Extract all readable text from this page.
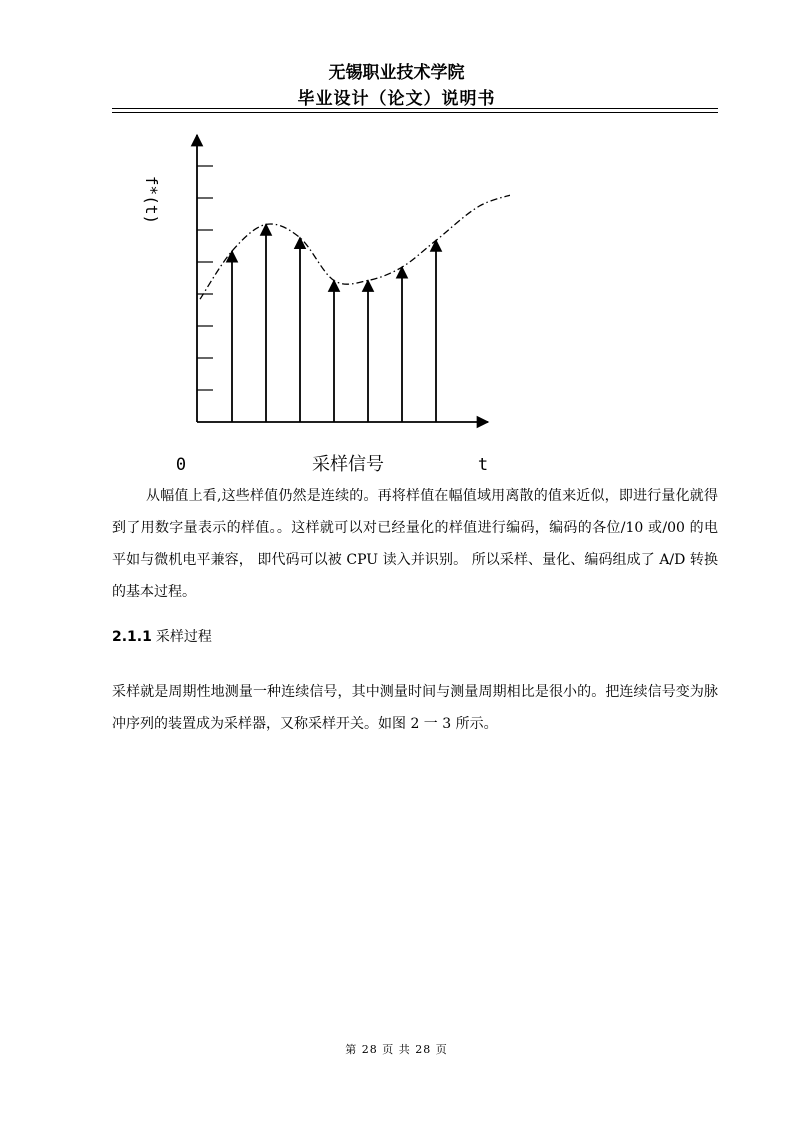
无锡职业技术学院
毕业设计（论文）说明书
f*(t)
0	采样信号	t
从幅值上看,这些样值仍然是连续的。再将样值在幅值域用离散的值来近似，即进行量化就得到了用数字量表示的样值。。这样就可以对已经量化的样值进行编码，编码的各位/10 或/00 的电平如与微机电平兼容， 即代码可以被 CPU 读入并识别。 所以采样、量化、编码组成了 A/D 转换的基本过程。
2.1.1 采样过程
采样就是周期性地测量一种连续信号，其中测量时间与测量周期相比是很小的。把连续信号变为脉冲序列的装置成为采样器，又称采样开关。如图 2 一 3 所示。
第 28 页 共 28 页
